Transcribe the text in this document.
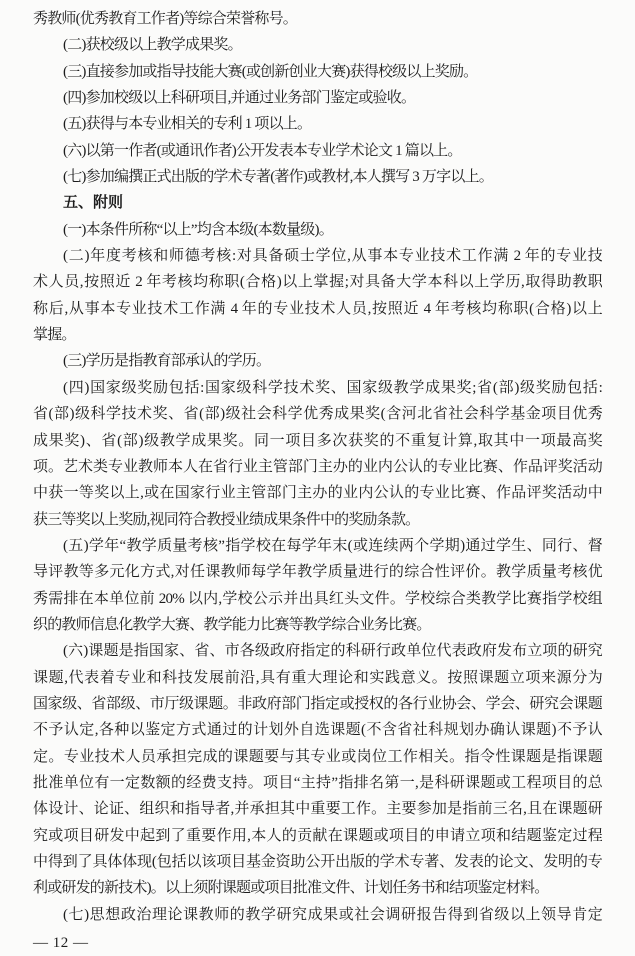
秀教师(优秀教育工作者)等综合荣誉称号。
(二)获校级以上教学成果奖。
(三)直接参加或指导技能大赛(或创新创业大赛)获得校级以上奖励。
(四)参加校级以上科研项目,并通过业务部门鉴定或验收。
(五)获得与本专业相关的专利 1 项以上。
(六)以第一作者(或通讯作者)公开发表本专业学术论文 1 篇以上。
(七)参加编撰正式出版的学术专著(著作)或教材,本人撰写 3 万字以上。
五、附则
(一)本条件所称“以上”均含本级(本数量级)。
(二)年度考核和师德考核:对具备硕士学位,从事本专业技术工作满 2 年的专业技
术人员,按照近 2 年考核均称职(合格)以上掌握;对具备大学本科以上学历,取得助教职
称后,从事本专业技术工作满 4 年的专业技术人员,按照近 4 年考核均称职(合格)以上
掌握。
(三)学历是指教育部承认的学历。
(四)国家级奖励包括:国家级科学技术奖、国家级教学成果奖;省(部)级奖励包括:
省(部)级科学技术奖、省(部)级社会科学优秀成果奖(含河北省社会科学基金项目优秀
成果奖)、省(部)级教学成果奖。同一项目多次获奖的不重复计算,取其中一项最高奖
项。艺术类专业教师本人在省行业主管部门主办的业内公认的专业比赛、作品评奖活动
中获一等奖以上,或在国家行业主管部门主办的业内公认的专业比赛、作品评奖活动中
获三等奖以上奖励,视同符合教授业绩成果条件中的奖励条款。
(五)学年“教学质量考核”指学校在每学年末(或连续两个学期)通过学生、同行、督
导评教等多元化方式,对任课教师每学年教学质量进行的综合性评价。教学质量考核优
秀需排在本单位前 20% 以内,学校公示并出具红头文件。学校综合类教学比赛指学校组
织的教师信息化教学大赛、教学能力比赛等教学综合业务比赛。
(六)课题是指国家、省、市各级政府指定的科研行政单位代表政府发布立项的研究
课题,代表着专业和科技发展前沿,具有重大理论和实践意义。按照课题立项来源分为
国家级、省部级、市厅级课题。非政府部门指定或授权的各行业协会、学会、研究会课题
不予认定,各种以鉴定方式通过的计划外自选课题(不含省社科规划办确认课题)不予认
定。专业技术人员承担完成的课题要与其专业或岗位工作相关。指令性课题是指课题
批准单位有一定数额的经费支持。项目“主持”指排名第一,是科研课题或工程项目的总
体设计、论证、组织和指导者,并承担其中重要工作。主要参加是指前三名,且在课题研
究或项目研发中起到了重要作用,本人的贡献在课题或项目的申请立项和结题鉴定过程
中得到了具体体现(包括以该项目基金资助公开出版的学术专著、发表的论文、发明的专
利或研发的新技术)。以上须附课题或项目批准文件、计划任务书和结项鉴定材料。
(七)思想政治理论课教师的教学研究成果或社会调研报告得到省级以上领导肯定
— 12 —
